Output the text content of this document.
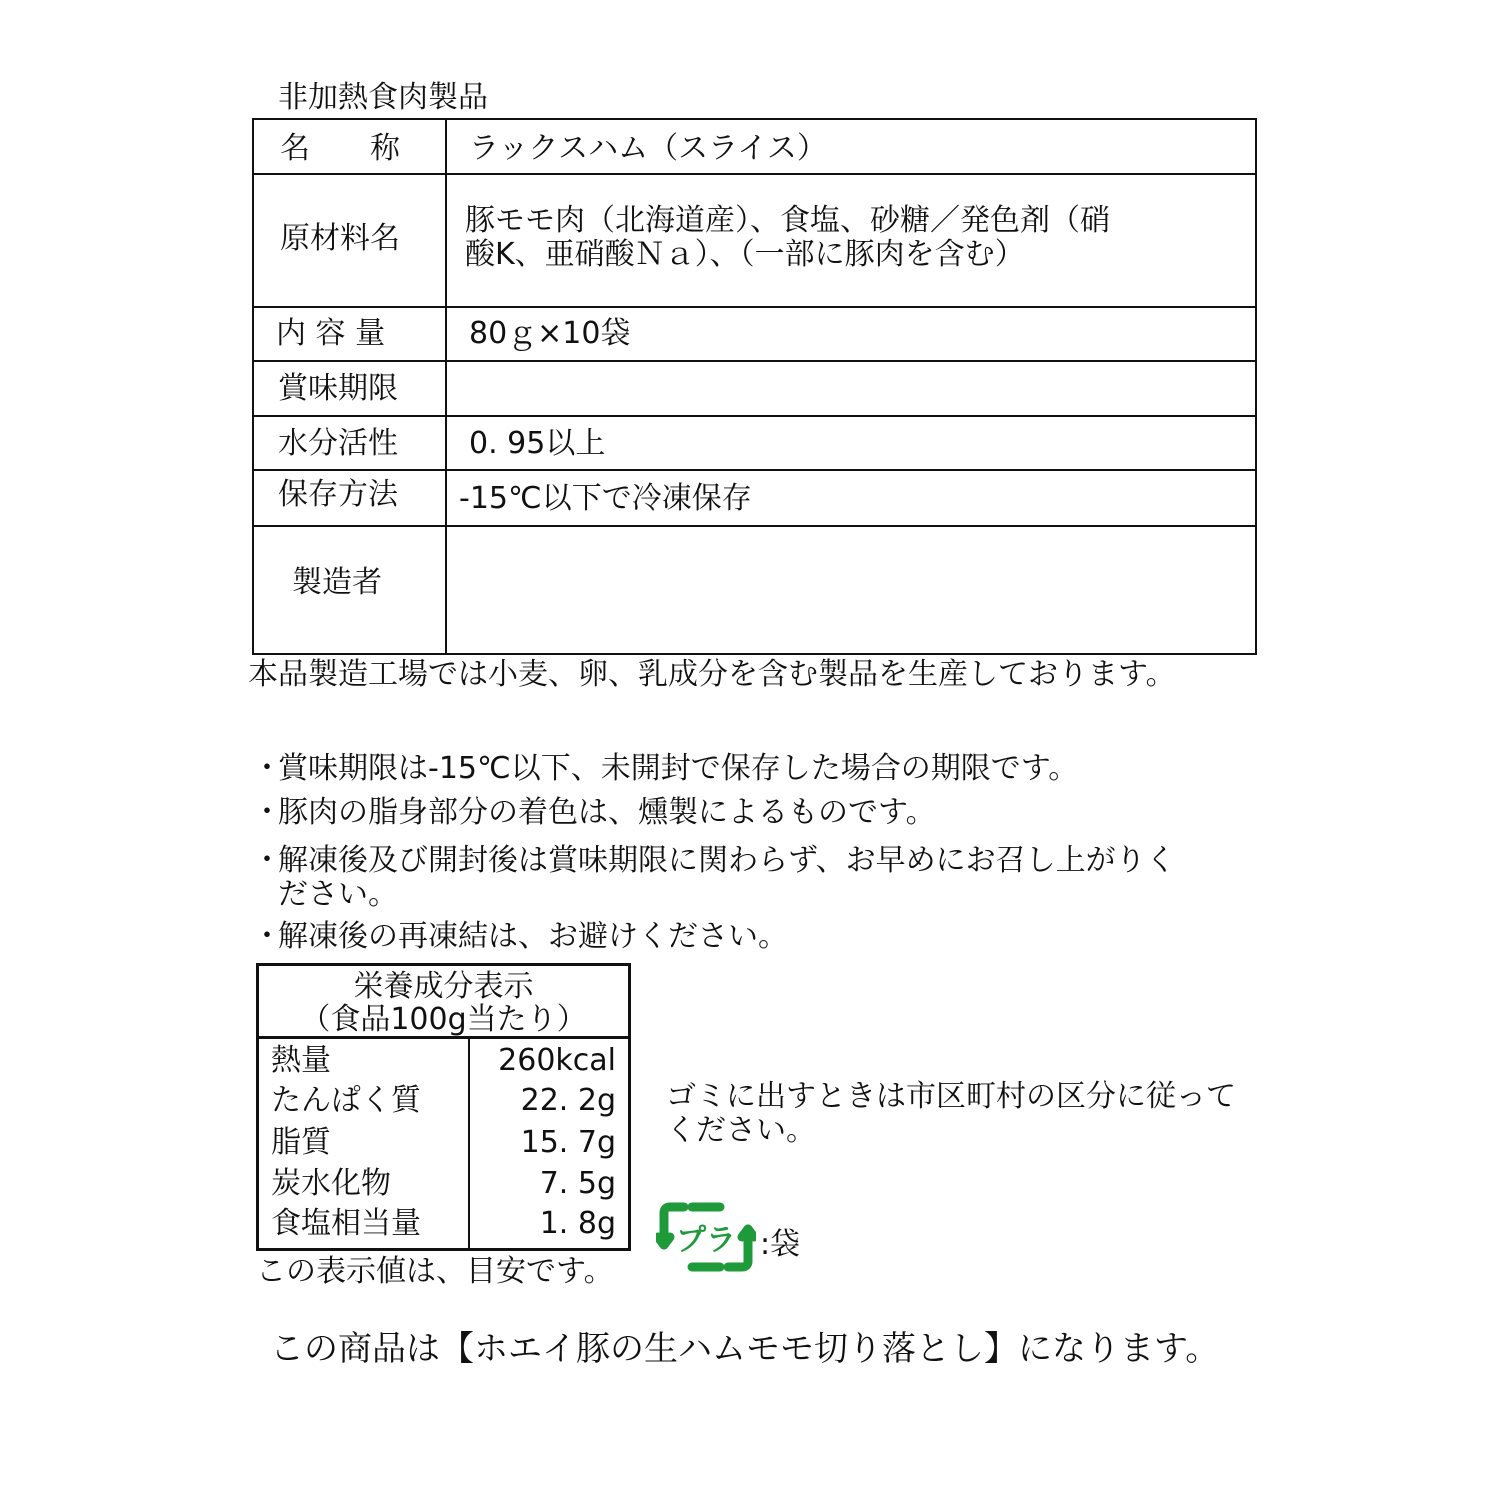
非加熱食肉製品
名　　称 ラックスハム（スライス）
原材料名
豚モモ肉（北海道産）、食塩、砂糖／発色剤（硝
酸K、亜硝酸Ｎａ）、（一部に豚肉を含む）
内 容 量	80ｇ×10袋
賞味期限
水分活性 0. 95以上
保存方法 -15℃以下で冷凍保存
製造者
本品製造工場では小麦、卵、乳成分を含む製品を生産しております。
・
賞味期限は-15℃以下、未開封で保存した場合の期限です。
・
豚肉の脂身部分の着色は、燻製によるものです。
・
解凍後及び開封後は賞味期限に関わらず、お早めにお召し上がりください。
・
解凍後の再凍結は、お避けください。
栄養成分表示
（食品100g当たり）
熱量	260kcal
たんぱく質	22. 2g
脂質	15. 7g
炭水化物	7. 5g
食塩相当量	1. 8g
この表示値は、目安です。
ゴミに出すときは市区町村の区分に従ってください。
プラ :袋
この商品は【ホエイ豚の生ハムモモ切り落とし】になります。
